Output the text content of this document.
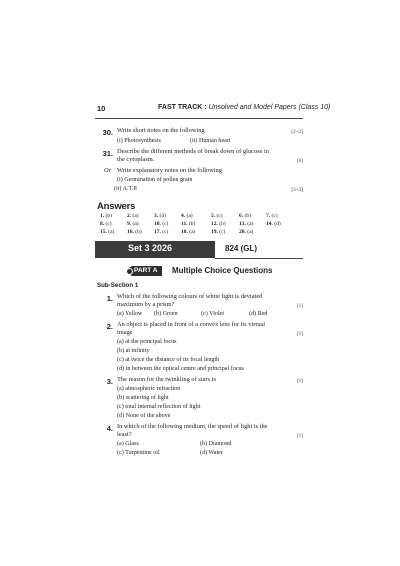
10	FAST TRACK : Unsolved and Model Papers (Class 10)
30. Write short notes on the following	[2+2]
(i) Photosynthesis	(ii) Human heart
31. Describe the different methods of break down of glucose in
the cytoplasm.	[6]
Or Write explanatory notes on the following
(i) Germination of pollen grain
(ii) A.T.P.	[3+3]
Answers
1. (b)	2. (a)	3. (d)	4. (a)	5. (c)	6. (b)	7. (c)
8. (c)	9. (a)	10. (c) 11. (b)	12. (b) 13. (a) 14. (d)
15. (a) 16. (b) 17. (c) 18. (a)	19. (c) 20. (a)
Set 3 2026	824 (GL)
PART A	Multiple Choice Questions
Sub-Section 1
1. Which of the following colours of white light is deviated
maximum by a prism?	[1]
(a) Yellow (b) Green	(c) Violet	(d) Red
2. An object is placed in front of a convex lens for its virtual
image	[1]
(a) at the principal focus
(b) at infinity
(c) at twice the distance of its focal length
(d) in between the optical centre and principal focus
3. The reason for the twinkling of stars is	[1]
(a) atmospheric refraction
(b) scattering of light
(c) total internal reflection of light
(d) None of the above
4. In which of the following medium, the speed of light is the
least?	[1]
(a) Glass	(b) Diamond
(c) Turpentine oil	(d) Water
